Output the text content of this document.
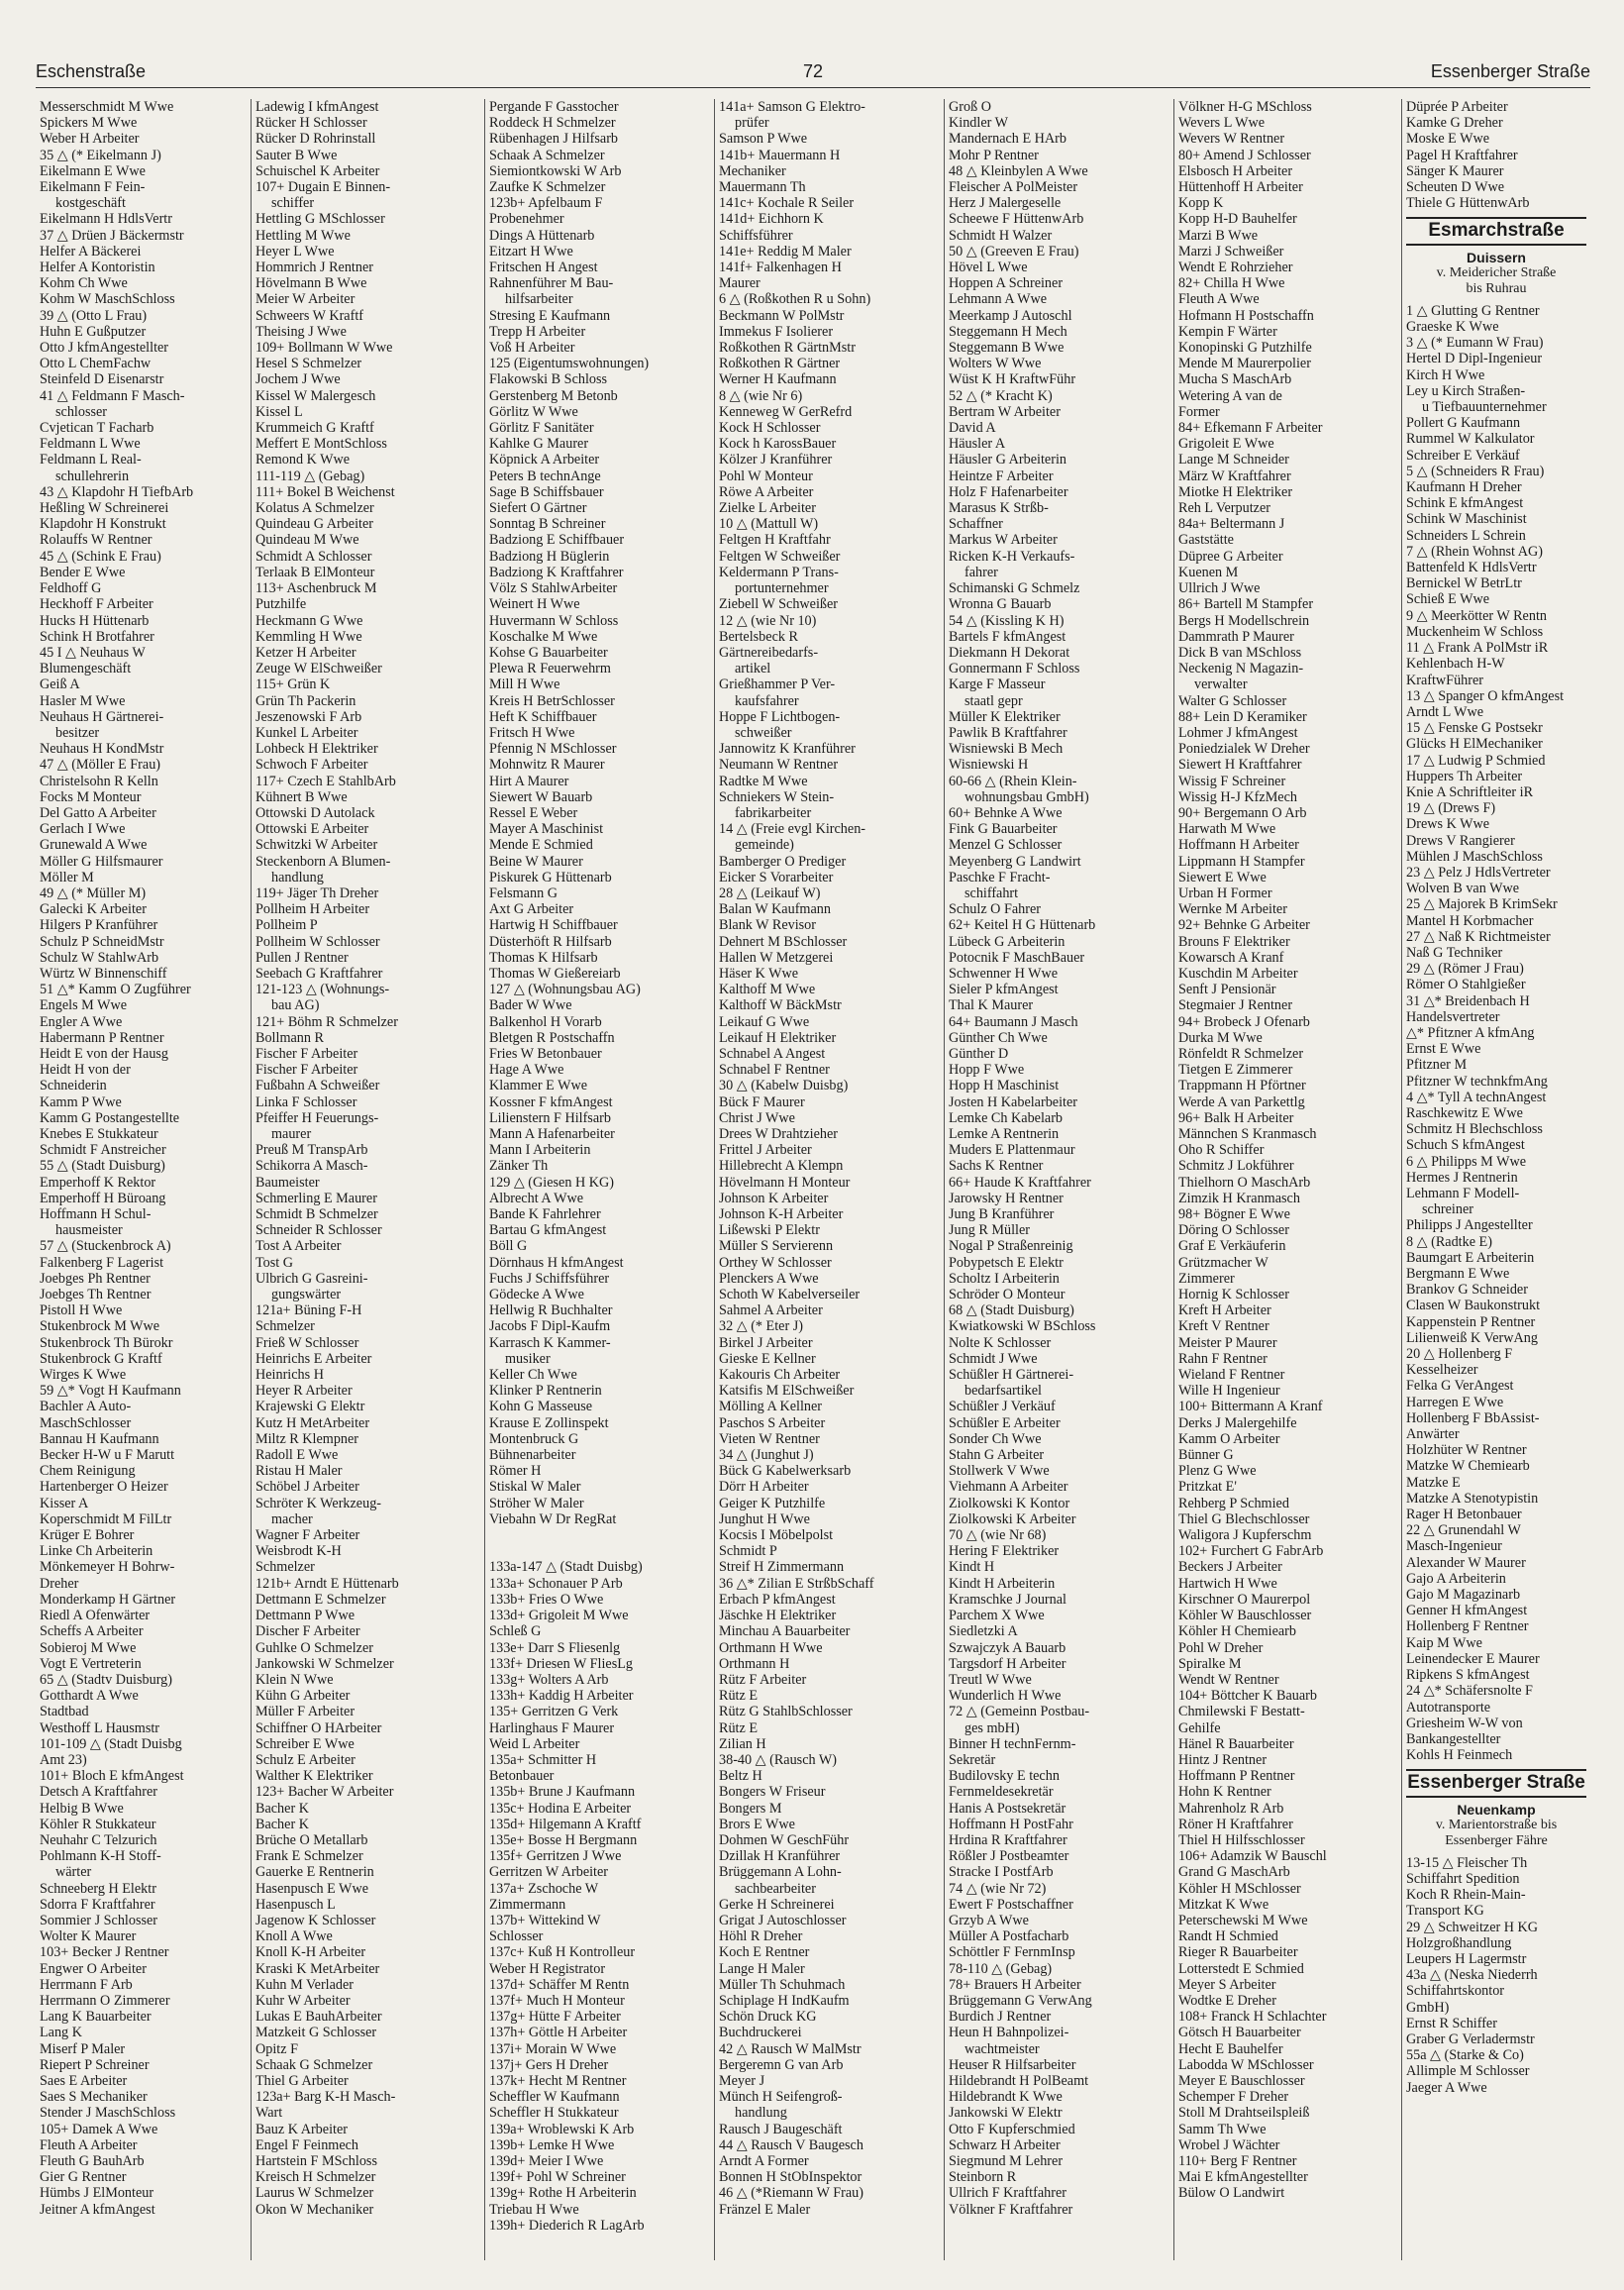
Eschenstraße	72	Essenberger Straße
Messerschmidt M Wwe
Spickers M Wwe
Weber H Arbeiter
35 △ (* Eikelmann J)
Eikelmann E Wwe
Eikelmann F Fein-
kostgeschäft
Eikelmann H HdlsVertr
37 △ Drüen J Bäckermstr
Helfer A Bäckerei
Helfer A Kontoristin
Kohm Ch Wwe
Kohm W MaschSchloss
39 △ (Otto L Frau)
Huhn E Gußputzer
Otto J kfmAngestellter
Otto L ChemFachw
Steinfeld D Eisenarstr
41 △ Feldmann F Masch-
schlosser
Cvjetican T Facharb
Feldmann L Wwe
Feldmann L Real-
schullehrerin
43 △ Klapdohr H TiefbArb
Heßling W Schreinerei
Klapdohr H Konstrukt
Rolauffs W Rentner
45 △ (Schink E Frau)
Bender E Wwe
Feldhoff G
Heckhoff F Arbeiter
Hucks H Hüttenarb
Schink H Brotfahrer
45 I △ Neuhaus W
Blumengeschäft
Geiß A
Hasler M Wwe
Neuhaus H Gärtnerei-
besitzer
Neuhaus H KondMstr
47 △ (Möller E Frau)
Christelsohn R Kelln
Focks M Monteur
Del Gatto A Arbeiter
Gerlach I Wwe
Grunewald A Wwe
Möller G Hilfsmaurer
Möller M
49 △ (* Müller M)
Galecki K Arbeiter
Hilgers P Kranführer
Schulz P SchneidMstr
Schulz W StahlwArb
Würtz W Binnenschiff
51 △* Kamm O Zugführer
Engels M Wwe
Engler A Wwe
Habermann P Rentner
Heidt E von der Hausg
Heidt H von der
Schneiderin
Kamm P Wwe
Kamm G Postangestellte
Knebes E Stukkateur
Schmidt F Anstreicher
55 △ (Stadt Duisburg)
Emperhoff K Rektor
Emperhoff H Büroang
Hoffmann H Schul-
hausmeister
57 △ (Stuckenbrock A)
Falkenberg F Lagerist
Joebges Ph Rentner
Joebges Th Rentner
Pistoll H Wwe
Stukenbrock M Wwe
Stukenbrock Th Bürokr
Stukenbrock G Kraftf
Wirges K Wwe
59 △* Vogt H Kaufmann
Bachler A Auto-
MaschSchlosser
Bannau H Kaufmann
Becker H-W u F Marutt
Chem Reinigung
Hartenberger O Heizer
Kisser A
Koperschmidt M FilLtr
Krüger E Bohrer
Linke Ch Arbeiterin
Mönkemeyer H Bohrw-
Dreher
Monderkamp H Gärtner
Riedl A Ofenwärter
Scheffs A Arbeiter
Sobieroj M Wwe
Vogt E Vertreterin
65 △ (Stadtv Duisburg)
Gotthardt A Wwe
Stadtbad
Westhoff L Hausmstr
101-109 △ (Stadt Duisbg
Amt 23)
101+ Bloch E kfmAngest
Detsch A Kraftfahrer
Helbig B Wwe
Köhler R Stukkateur
Neuhahr C Telzurich
Pohlmann K-H Stoff-
wärter
Schneeberg H Elektr
Sdorra F Kraftfahrer
Sommier J Schlosser
Wolter K Maurer
103+ Becker J Rentner
Engwer O Arbeiter
Herrmann F Arb
Herrmann O Zimmerer
Lang K Bauarbeiter
Lang K
Miserf P Maler
Riepert P Schreiner
Saes E Arbeiter
Saes S Mechaniker
Stender J MaschSchloss
105+ Damek A Wwe
Fleuth A Arbeiter
Fleuth G BauhArb
Gier G Rentner
Hümbs J ElMonteur
Jeitner A kfmAngest
Ladewig I kfmAngest
Rücker H Schlosser
Rücker D Rohrinstall
Sauter B Wwe
Schuischel K Arbeiter
107+ Dugain E Binnen-
schiffer
Hettling G MSchlosser
Hettling M Wwe
Heyer L Wwe
Hommrich J Rentner
Hövelmann B Wwe
Meier W Arbeiter
Schweers W Kraftf
Theising J Wwe
109+ Bollmann W Wwe
Hesel S Schmelzer
Jochem J Wwe
Kissel W Malergesch
Kissel L
Krummeich G Kraftf
Meffert E MontSchloss
Remond K Wwe
111-119 △ (Gebag)
111+ Bokel B Weichenst
Kolatus A Schmelzer
Quindeau G Arbeiter
Quindeau M Wwe
Schmidt A Schlosser
Terlaak B ElMonteur
113+ Aschenbruck M
Putzhilfe
Heckmann G Wwe
Kemmling H Wwe
Ketzer H Arbeiter
Zeuge W ElSchweißer
115+ Grün K
Grün Th Packerin
Jeszenowski F Arb
Kunkel L Arbeiter
Lohbeck H Elektriker
Schwoch F Arbeiter
117+ Czech E StahlbArb
Kühnert B Wwe
Ottowski D Autolack
Ottowski E Arbeiter
Schwitzki W Arbeiter
Steckenborn A Blumen-
handlung
119+ Jäger Th Dreher
Pollheim H Arbeiter
Pollheim P
Pollheim W Schlosser
Pullen J Rentner
Seebach G Kraftfahrer
121-123 △ (Wohnungs-
bau AG)
121+ Böhm R Schmelzer
Bollmann R
Fischer F Arbeiter
Fischer F Arbeiter
Fußbahn A Schweißer
Linka F Schlosser
Pfeiffer H Feuerungs-
maurer
Preuß M TranspArb
Schikorra A Masch-
Baumeister
Schmerling E Maurer
Schmidt B Schmelzer
Schneider R Schlosser
Tost A Arbeiter
Tost G
Ulbrich G Gasreini-
gungswärter
121a+ Büning F-H
Schmelzer
Frieß W Schlosser
Heinrichs E Arbeiter
Heinrichs H
Heyer R Arbeiter
Krajewski G Elektr
Kutz H MetArbeiter
Miltz R Klempner
Radoll E Wwe
Ristau H Maler
Schöbel J Arbeiter
Schröter K Werkzeug-
macher
Wagner F Arbeiter
Weisbrodt K-H
Schmelzer
121b+ Arndt E Hüttenarb
Dettmann E Schmelzer
Dettmann P Wwe
Discher F Arbeiter
Guhlke O Schmelzer
Jankowski W Schmelzer
Klein N Wwe
Kühn G Arbeiter
Müller F Arbeiter
Schiffner O HArbeiter
Schreiber E Wwe
Schulz E Arbeiter
Walther K Elektriker
123+ Bacher W Arbeiter
Bacher K
Bacher K
Brüche O Metallarb
Frank E Schmelzer
Gauerke E Rentnerin
Hasenpusch E Wwe
Hasenpusch L
Jagenow K Schlosser
Knoll A Wwe
Knoll K-H Arbeiter
Kraski K MetArbeiter
Kuhn M Verlader
Kuhr W Arbeiter
Lukas E BauhArbeiter
Matzkeit G Schlosser
Opitz F
Schaak G Schmelzer
Thiel G Arbeiter
123a+ Barg K-H Masch-
Wart
Bauz K Arbeiter
Engel F Feinmech
Hartstein F MSchloss
Kreisch H Schmelzer
Laurus W Schmelzer
Okon W Mechaniker
Pergande F Gasstocher
Roddeck H Schmelzer
Rübenhagen J Hilfsarb
Schaak A Schmelzer
Siemiontkowski W Arb
Zaufke K Schmelzer
123b+ Apfelbaum F
Probenehmer
Dings A Hüttenarb
Eitzart H Wwe
Fritschen H Angest
Rahnenführer M Bau-
hilfsarbeiter
Stresing E Kaufmann
Trepp H Arbeiter
Voß H Arbeiter
125 (Eigentumswohnungen)
Flakowski B Schloss
Gerstenberg M Betonb
Görlitz W Wwe
Görlitz F Sanitäter
Kahlke G Maurer
Köpnick A Arbeiter
Peters B technAnge
Sage B Schiffsbauer
Siefert O Gärtner
Sonntag B Schreiner
Badziong E Schiffbauer
Badziong H Büglerin
Badziong K Kraftfahrer
Völz S StahlwArbeiter
Weinert H Wwe
Huvermann W Schloss
Koschalke M Wwe
Kohse G Bauarbeiter
Plewa R Feuerwehrm
Mill H Wwe
Kreis H BetrSchlosser
Heft K Schiffbauer
Fritsch H Wwe
Pfennig N MSchlosser
Mohnwitz R Maurer
Hirt A Maurer
Siewert W Bauarb
Ressel E Weber
Mayer A Maschinist
Mende E Schmied
Beine W Maurer
Piskurek G Hüttenarb
Felsmann G
Axt G Arbeiter
Hartwig H Schiffbauer
Düsterhöft R Hilfsarb
Thomas K Hilfsarb
Thomas W Gießereiarb
127 △ (Wohnungsbau AG)
Bader W Wwe
Balkenhol H Vorarb
Bletgen R Postschaffn
Fries W Betonbauer
Hage A Wwe
Klammer E Wwe
Kossner F kfmAngest
Lilienstern F Hilfsarb
Mann A Hafenarbeiter
Mann I Arbeiterin
Zänker Th
129 △ (Giesen H KG)
Albrecht A Wwe
Bande K Fahrlehrer
Bartau G kfmAngest
Böll G
Dörnhaus H kfmAngest
Fuchs J Schiffsführer
Gödecke A Wwe
Hellwig R Buchhalter
Jacobs F Dipl-Kaufm
Karrasch K Kammer-
musiker
Keller Ch Wwe
Klinker P Rentnerin
Kohn G Masseuse
Krause E Zollinspekt
Montenbruck G
Bühnenarbeiter
Römer H
Stiskal W Maler
Ströher W Maler
Viebahn W Dr RegRat

133a-147 △ (Stadt Duisbg)
133a+ Schonauer P Arb
133b+ Fries O Wwe
133d+ Grigoleit M Wwe
Schleß G
133e+ Darr S Fliesenlg
133f+ Driesen W FliesLg
133g+ Wolters A Arb
133h+ Kaddig H Arbeiter
135+ Gerritzen G Verk
Harlinghaus F Maurer
Weid L Arbeiter
135a+ Schmitter H
Betonbauer
135b+ Brune J Kaufmann
135c+ Hodina E Arbeiter
135d+ Hilgemann A Kraftf
135e+ Bosse H Bergmann
135f+ Gerritzen J Wwe
Gerritzen W Arbeiter
137a+ Zschoche W
Zimmermann
137b+ Wittekind W
Schlosser
137c+ Kuß H Kontrolleur
Weber H Registrator
137d+ Schäffer M Rentn
137f+ Much H Monteur
137g+ Hütte F Arbeiter
137h+ Göttle H Arbeiter
137i+ Morain W Wwe
137j+ Gers H Dreher
137k+ Hecht M Rentner
Scheffler W Kaufmann
Scheffler H Stukkateur
139a+ Wroblewski K Arb
139b+ Lemke H Wwe
139d+ Meier I Wwe
139f+ Pohl W Schreiner
139g+ Rothe H Arbeiterin
Triebau H Wwe
139h+ Diederich R LagArb
141a+ Samson G Elektro-
prüfer
Samson P Wwe
141b+ Mauermann H
Mechaniker
Mauermann Th
141c+ Kochale R Seiler
141d+ Eichhorn K
Schiffsführer
141e+ Reddig M Maler
141f+ Falkenhagen H
Maurer
6 △ (Roßkothen R u Sohn)
Beckmann W PolMstr
Immekus F Isolierer
Roßkothen R GärtnMstr
Roßkothen R Gärtner
Werner H Kaufmann
8 △ (wie Nr 6)
Kenneweg W GerRefrd
Kock H Schlosser
Kock h KarossBauer
Kölzer J Kranführer
Pohl W Monteur
Röwe A Arbeiter
Zielke L Arbeiter
10 △ (Mattull W)
Feltgen H Kraftfahr
Feltgen W Schweißer
Keldermann P Trans-
portunternehmer
Ziebell W Schweißer
12 △ (wie Nr 10)
Bertelsbeck R
Gärtnereibedarfs-
artikel
Grießhammer P Ver-
kaufsfahrer
Hoppe F Lichtbogen-
schweißer
Jannowitz K Kranführer
Neumann W Rentner
Radtke M Wwe
Schniekers W Stein-
fabrikarbeiter
14 △ (Freie evgl Kirchen-
gemeinde)
Bamberger O Prediger
Eicker S Vorarbeiter
28 △ (Leikauf W)
Balan W Kaufmann
Blank W Revisor
Dehnert M BSchlosser
Hallen W Metzgerei
Häser K Wwe
Kalthoff M Wwe
Kalthoff W BäckMstr
Leikauf G Wwe
Leikauf H Elektriker
Schnabel A Angest
Schnabel F Rentner
30 △ (Kabelw Duisbg)
Bück F Maurer
Christ J Wwe
Drees W Drahtzieher
Frittel J Arbeiter
Hillebrecht A Klempn
Hövelmann H Monteur
Johnson K Arbeiter
Johnson K-H Arbeiter
Lißewski P Elektr
Müller S Servierenn
Orthey W Schlosser
Plenckers A Wwe
Schoth W Kabelverseiler
Sahmel A Arbeiter
32 △ (* Eter J)
Birkel J Arbeiter
Gieske E Kellner
Kakouris Ch Arbeiter
Katsifis M ElSchweißer
Mölling A Kellner
Paschos S Arbeiter
Vieten W Rentner
34 △ (Junghut J)
Bück G Kabelwerksarb
Dörr H Arbeiter
Geiger K Putzhilfe
Junghut H Wwe
Kocsis I Möbelpolst
Schmidt P
Streif H Zimmermann
36 △* Zilian E StrßbSchaff
Erbach P kfmAngest
Jäschke H Elektriker
Minchau A Bauarbeiter
Orthmann H Wwe
Orthmann H
Rütz F Arbeiter
Rütz E
Rütz G StahlbSchlosser
Rütz E
Zilian H
38-40 △ (Rausch W)
Beltz H
Bongers W Friseur
Bongers M
Brors E Wwe
Dohmen W GeschFühr
Dzillak H Kranführer
Brüggemann A Lohn-
sachbearbeiter
Gerke H Schreinerei
Grigat J Autoschlosser
Höhl R Dreher
Koch E Rentner
Lange H Maler
Müller Th Schuhmach
Schiplage H IndKaufm
Schön Druck KG
Buchdruckerei
42 △ Rausch W MalMstr
Bergeremn G van Arb
Meyer J
Münch H Seifengroß-
handlung
Rausch J Baugeschäft
44 △ Rausch V Baugesch
Arndt A Former
Bonnen H StObInspektor
46 △ (*Riemann W Frau)
Fränzel E Maler
Groß O
Kindler W
Mandernach E HArb
Mohr P Rentner
48 △ Kleinbylen A Wwe
Fleischer A PolMeister
Herz J Malergeselle
Scheewe F HüttenwArb
Schmidt H Walzer
50 △ (Greeven E Frau)
Hövel L Wwe
Hoppen A Schreiner
Lehmann A Wwe
Meerkamp J Autoschl
Steggemann H Mech
Steggemann B Wwe
Wolters W Wwe
Wüst K H KraftwFühr
52 △ (* Kracht K)
Bertram W Arbeiter
David A
Häusler A
Häusler G Arbeiterin
Heintze F Arbeiter
Holz F Hafenarbeiter
Marasus K Strßb-
Schaffner
Markus W Arbeiter
Ricken K-H Verkaufs-
fahrer
Schimanski G Schmelz
Wronna G Bauarb
54 △ (Kissling K H)
Bartels F kfmAngest
Diekmann H Dekorat
Gonnermann F Schloss
Karge F Masseur
staatl gepr
Müller K Elektriker
Pawlik B Kraftfahrer
Wisniewski B Mech
Wisniewski H
60-66 △ (Rhein Klein-
wohnungsbau GmbH)
60+ Behnke A Wwe
Fink G Bauarbeiter
Menzel G Schlosser
Meyenberg G Landwirt
Paschke F Fracht-
schiffahrt
Schulz O Fahrer
62+ Keitel H G Hüttenarb
Lübeck G Arbeiterin
Potocnik F MaschBauer
Schwenner H Wwe
Sieler P kfmAngest
Thal K Maurer
64+ Baumann J Masch
Günther Ch Wwe
Günther D
Hopp F Wwe
Hopp H Maschinist
Josten H Kabelarbeiter
Lemke Ch Kabelarb
Lemke A Rentnerin
Muders E Plattenmaur
Sachs K Rentner
66+ Haude K Kraftfahrer
Jarowsky H Rentner
Jung B Kranführer
Jung R Müller
Nogal P Straßenreinig
Pobypetsch E Elektr
Scholtz I Arbeiterin
Schröder O Monteur
68 △ (Stadt Duisburg)
Kwiatkowski W BSchloss
Nolte K Schlosser
Schmidt J Wwe
Schüßler H Gärtnerei-
bedarfsartikel
Schüßler J Verkäuf
Schüßler E Arbeiter
Sonder Ch Wwe
Stahn G Arbeiter
Stollwerk V Wwe
Viehmann A Arbeiter
Ziolkowski K Kontor
Ziolkowski K Arbeiter
70 △ (wie Nr 68)
Hering F Elektriker
Kindt H
Kindt H Arbeiterin
Kramschke J Journal
Parchem X Wwe
Siedletzki A
Szwajczyk A Bauarb
Targsdorf H Arbeiter
Treutl W Wwe
Wunderlich H Wwe
72 △ (Gemeinn Postbau-
ges mbH)
Binner H technFernm-
Sekretär
Budilovsky E techn
Fernmeldesekretär
Hanis A Postsekretär
Hoffmann H PostFahr
Hrdina R Kraftfahrer
Rößler J Postbeamter
Stracke I PostfArb
74 △ (wie Nr 72)
Ewert F Postschaffner
Grzyb A Wwe
Müller A Postfacharb
Schöttler F FernmInsp
78-110 △ (Gebag)
78+ Brauers H Arbeiter
Brüggemann G VerwAng
Burdich J Rentner
Heun H Bahnpolizei-
wachtmeister
Heuser R Hilfsarbeiter
Hildebrandt H PolBeamt
Hildebrandt K Wwe
Jankowski W Elektr
Otto F Kupferschmied
Schwarz H Arbeiter
Siegmund M Lehrer
Steinborn R
Ullrich F Kraftfahrer
Völkner F Kraftfahrer
Völkner H-G MSchloss
Wevers L Wwe
Wevers W Rentner
80+ Amend J Schlosser
Elsbosch H Arbeiter
Hüttenhoff H Arbeiter
Kopp K
Kopp H-D Bauhelfer
Marzi B Wwe
Marzi J Schweißer
Wendt E Rohrzieher
82+ Chilla H Wwe
Fleuth A Wwe
Hofmann H Postschaffn
Kempin F Wärter
Konopinski G Putzhilfe
Mende M Maurerpolier
Mucha S MaschArb
Wetering A van de
Former
84+ Efkemann F Arbeiter
Grigoleit E Wwe
Lange M Schneider
März W Kraftfahrer
Miotke H Elektriker
Reh L Verputzer
84a+ Beltermann J
Gaststätte
Düpree G Arbeiter
Kuenen M
Ullrich J Wwe
86+ Bartell M Stampfer
Bergs H Modellschrein
Dammrath P Maurer
Dick B van MSchloss
Neckenig N Magazin-
verwalter
Walter G Schlosser
88+ Lein D Keramiker
Lohmer J kfmAngest
Poniedzialek W Dreher
Siewert H Kraftfahrer
Wissig F Schreiner
Wissig H-J KfzMech
90+ Bergemann O Arb
Harwath M Wwe
Hoffmann H Arbeiter
Lippmann H Stampfer
Siewert E Wwe
Urban H Former
Wernke M Arbeiter
92+ Behnke G Arbeiter
Brouns F Elektriker
Kowarsch A Kranf
Kuschdin M Arbeiter
Senft J Pensionär
Stegmaier J Rentner
94+ Brobeck J Ofenarb
Durka M Wwe
Rönfeldt R Schmelzer
Tietgen E Zimmerer
Trappmann H Pförtner
Werde A van Parkettlg
96+ Balk H Arbeiter
Männchen S Kranmasch
Oho R Schiffer
Schmitz J Lokführer
Thielhorn O MaschArb
Zimzik H Kranmasch
98+ Bögner E Wwe
Döring O Schlosser
Graf E Verkäuferin
Grützmacher W
Zimmerer
Hornig K Schlosser
Kreft H Arbeiter
Kreft V Rentner
Meister P Maurer
Rahn F Rentner
Wieland F Rentner
Wille H Ingenieur
100+ Bittermann A Kranf
Derks J Malergehilfe
Kamm O Arbeiter
Bünner G
Plenz G Wwe
Pritzkat E'
Rehberg P Schmied
Thiel G Blechschlosser
Waligora J Kupferschm
102+ Furchert G FabrArb
Beckers J Arbeiter
Hartwich H Wwe
Kirschner O Maurerpol
Köhler W Bauschlosser
Köhler H Chemiearb
Pohl W Dreher
Spiralke M
Wendt W Rentner
104+ Böttcher K Bauarb
Chmilewski F Bestatt-
Gehilfe
Hänel R Bauarbeiter
Hintz J Rentner
Hoffmann P Rentner
Hohn K Rentner
Mahrenholz R Arb
Röner H Kraftfahrer
Thiel H Hilfsschlosser
106+ Adamzik W Bauschl
Grand G MaschArb
Köhler H MSchlosser
Mitzkat K Wwe
Peterschewski M Wwe
Randt H Schmied
Rieger R Bauarbeiter
Lotterstedt E Schmied
Meyer S Arbeiter
Wodtke E Dreher
108+ Franck H Schlachter
Götsch H Bauarbeiter
Hecht E Bauhelfer
Labodda W MSchlosser
Meyer E Bauschlosser
Schemper F Dreher
Stoll M Drahtseilspleiß
Samm Th Wwe
Wrobel J Wächter
110+ Berg F Rentner
Mai E kfmAngestellter
Bülow O Landwirt
Düprée P Arbeiter
Kamke G Dreher
Moske E Wwe
Pagel H Kraftfahrer
Sänger K Maurer
Scheuten D Wwe
Thiele G HüttenwArb
Esmarchstraße
Duissern
v. Meidericher Straße
bis Ruhrau
1 △ Glutting G Rentner
Graeske K Wwe
3 △ (* Eumann W Frau)
Hertel D Dipl-Ingenieur
Kirch H Wwe
Ley u Kirch Straßen-
u Tiefbauunternehmer
Pollert G Kaufmann
Rummel W Kalkulator
Schreiber E Verkäuf
5 △ (Schneiders R Frau)
Kaufmann H Dreher
Schink E kfmAngest
Schink W Maschinist
Schneiders L Schrein
7 △ (Rhein Wohnst AG)
Battenfeld K HdlsVertr
Bernickel W BetrLtr
Schieß E Wwe
9 △ Meerkötter W Rentn
Muckenheim W Schloss
11 △ Frank A PolMstr iR
Kehlenbach H-W
KraftwFührer
13 △ Spanger O kfmAngest
Arndt L Wwe
15 △ Fenske G Postsekr
Glücks H ElMechaniker
17 △ Ludwig P Schmied
Huppers Th Arbeiter
Knie A Schriftleiter iR
19 △ (Drews F)
Drews K Wwe
Drews V Rangierer
Mühlen J MaschSchloss
23 △ Pelz J HdlsVertreter
Wolven B van Wwe
25 △ Majorek B KrimSekr
Mantel H Korbmacher
27 △ Naß K Richtmeister
Naß G Techniker
29 △ (Römer J Frau)
Römer O Stahlgießer
31 △* Breidenbach H
Handelsvertreter
△* Pfitzner A kfmAng
Ernst E Wwe
Pfitzner M
Pfitzner W technkfmAng
4 △* Tyll A technAngest
Raschkewitz E Wwe
Schmitz H Blechschloss
Schuch S kfmAngest
6 △ Philipps M Wwe
Hermes J Rentnerin
Lehmann F Modell-
schreiner
Philipps J Angestellter
8 △ (Radtke E)
Baumgart E Arbeiterin
Bergmann E Wwe
Brankov G Schneider
Clasen W Baukonstrukt
Kappenstein P Rentner
Lilienweiß K VerwAng
20 △ Hollenberg F
Kesselheizer
Felka G VerAngest
Harregen E Wwe
Hollenberg F BbAssist-
Anwärter
Holzhüter W Rentner
Matzke W Chemiearb
Matzke E
Matzke A Stenotypistin
Rager H Betonbauer
22 △ Grunendahl W
Masch-Ingenieur
Alexander W Maurer
Gajo A Arbeiterin
Gajo M Magazinarb
Genner H kfmAngest
Hollenberg F Rentner
Kaip M Wwe
Leinendecker E Maurer
Ripkens S kfmAngest
24 △* Schäfersnolte F
Autotransporte
Griesheim W-W von
Bankangestellter
Kohls H Feinmech
Essenberger Straße
Neuenkamp
v. Marientorstraße bis
Essenberger Fähre
13-15 △ Fleischer Th
Schiffahrt Spedition
Koch R Rhein-Main-
Transport KG
29 △ Schweitzer H KG
Holzgroßhandlung
Leupers H Lagermstr
43a △ (Neska Niederrh
Schiffahrtskontor
GmbH)
Ernst R Schiffer
Graber G Verladermstr
55a △ (Starke & Co)
Allimple M Schlosser
Jaeger A Wwe
